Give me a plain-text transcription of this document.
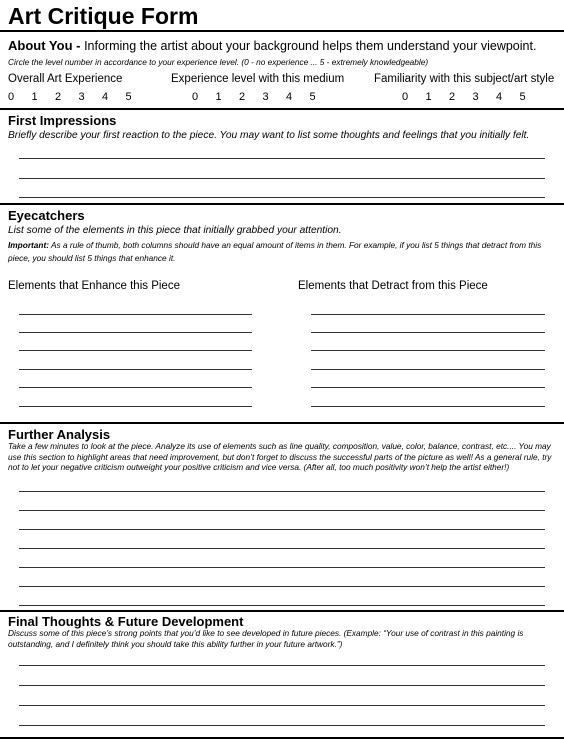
Art Critique Form
About You - Informing the artist about your background helps them understand your viewpoint.
Circle the level number in accordance to your experience level. (0 - no experience ... 5 - extremely knowledgeable)
Overall Art Experience	Experience level with this medium	Familiarity with this subject/art style
0	1	2	3	4	5	0	1	2	3	4	5	0	1	2	3	4	5
First Impressions
Briefly describe your first reaction to the piece. You may want to list some thoughts and feelings that you initially felt.
Eyecatchers
List some of the elements in this piece that initially grabbed your attention.
Important: As a rule of thumb, both columns should have an equal amount of items in them. For example, if you list 5 things that detract from this piece, you should list 5 things that enhance it.
Elements that Enhance this Piece	Elements that Detract from this Piece
Further Analysis
Take a few minutes to look at the piece. Analyze its use of elements such as line quality, composition, value, color, balance, contrast, etc.... You may use this section to highlight areas that need improvement, but don’t forget to discuss the successful parts of the picture as well! As a general rule, try not to let your negative criticism outweight your positive criticism and vice versa. (After all, too much positivity won’t help the artist either!)
Final Thoughts & Future Development
Discuss some of this piece’s strong points that you’d like to see developed in future pieces. (Example: “Your use of contrast in this painting is outstanding, and I definitely think you should take this ability further in your future artwork.”)
